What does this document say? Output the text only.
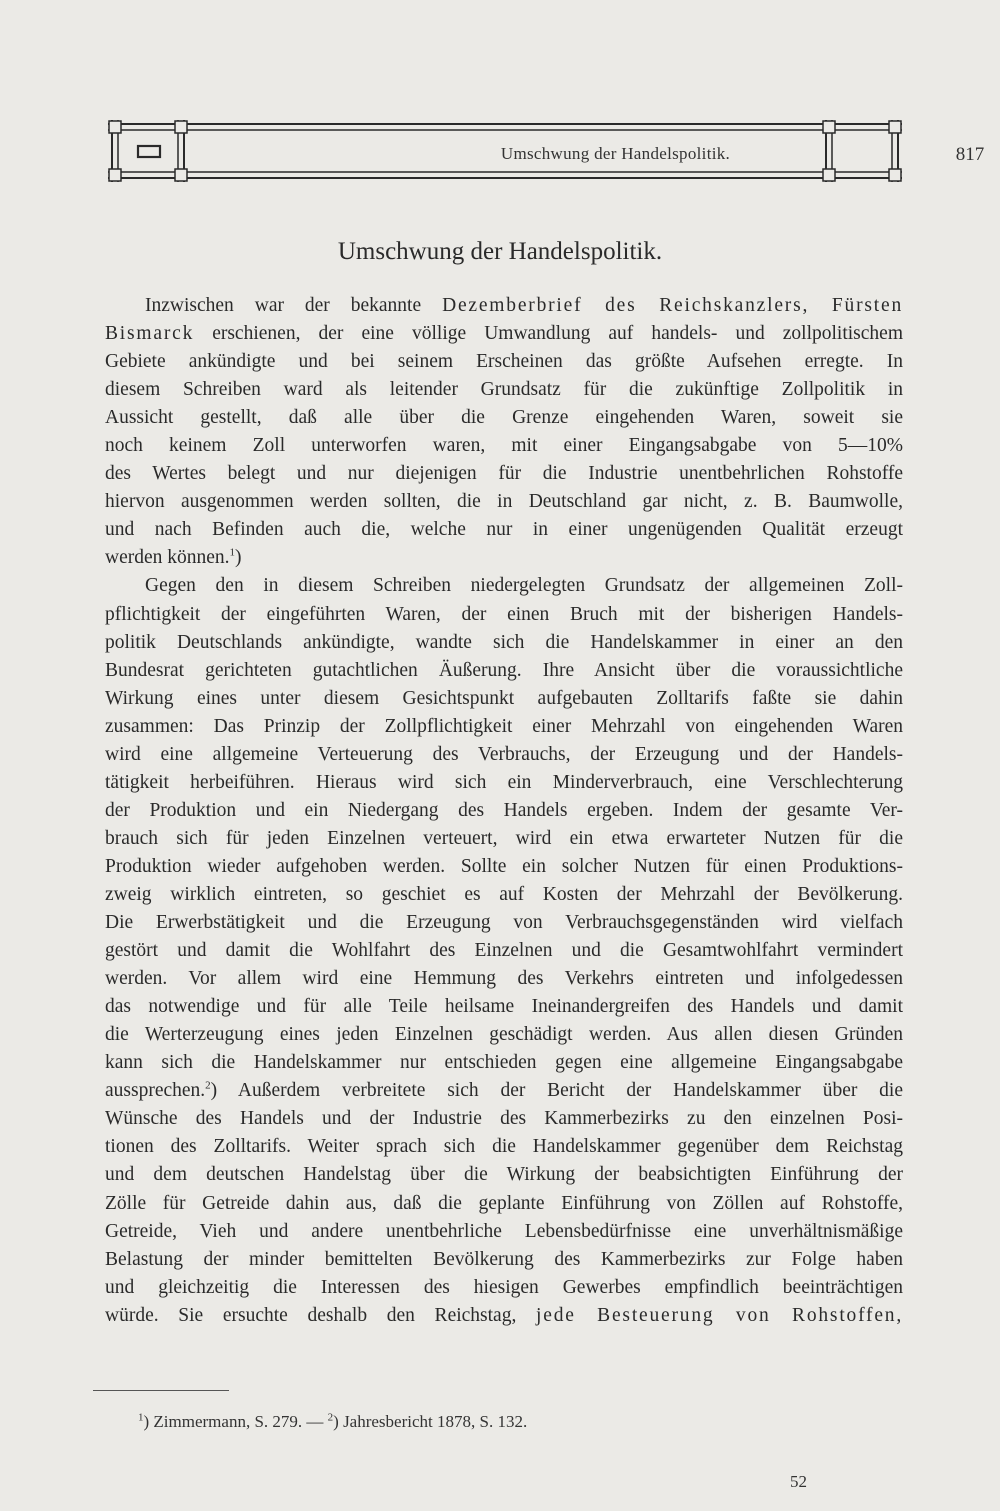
Umschwung der Handelspolitik.	817
Umschwung der Handelspolitik.
Inzwischen war der bekannte Dezemberbrief des Reichskanzlers, Fürsten
Bismarck erschienen, der eine völlige Umwandlung auf handels- und zollpolitischem
Gebiete ankündigte und bei seinem Erscheinen das größte Aufsehen erregte. In
diesem Schreiben ward als leitender Grundsatz für die zukünftige Zollpolitik in
Aussicht gestellt, daß alle über die Grenze eingehenden Waren, soweit sie
noch keinem Zoll unterworfen waren, mit einer Eingangsabgabe von 5—10%
des Wertes belegt und nur diejenigen für die Industrie unentbehrlichen Rohstoffe
hiervon ausgenommen werden sollten, die in Deutschland gar nicht, z. B. Baumwolle,
und nach Befinden auch die, welche nur in einer ungenügenden Qualität erzeugt
werden können.$^1$)
Gegen den in diesem Schreiben niedergelegten Grundsatz der allgemeinen Zoll-
pflichtigkeit der eingeführten Waren, der einen Bruch mit der bisherigen Handels-
politik Deutschlands ankündigte, wandte sich die Handelskammer in einer an den
Bundesrat gerichteten gutachtlichen Äußerung. Ihre Ansicht über die voraussichtliche
Wirkung eines unter diesem Gesichtspunkt aufgebauten Zolltarifs faßte sie dahin
zusammen: Das Prinzip der Zollpflichtigkeit einer Mehrzahl von eingehenden Waren
wird eine allgemeine Verteuerung des Verbrauchs, der Erzeugung und der Handels-
tätigkeit herbeiführen. Hieraus wird sich ein Minderverbrauch, eine Verschlechterung
der Produktion und ein Niedergang des Handels ergeben. Indem der gesamte Ver-
brauch sich für jeden Einzelnen verteuert, wird ein etwa erwarteter Nutzen für die
Produktion wieder aufgehoben werden. Sollte ein solcher Nutzen für einen Produktions-
zweig wirklich eintreten, so geschiet es auf Kosten der Mehrzahl der Bevölkerung.
Die Erwerbstätigkeit und die Erzeugung von Verbrauchsgegenständen wird vielfach
gestört und damit die Wohlfahrt des Einzelnen und die Gesamtwohlfahrt vermindert
werden. Vor allem wird eine Hemmung des Verkehrs eintreten und infolgedessen
das notwendige und für alle Teile heilsame Ineinandergreifen des Handels und damit
die Werterzeugung eines jeden Einzelnen geschädigt werden. Aus allen diesen Gründen
kann sich die Handelskammer nur entschieden gegen eine allgemeine Eingangsabgabe
aussprechen.$^2$) Außerdem verbreitete sich der Bericht der Handelskammer über die
Wünsche des Handels und der Industrie des Kammerbezirks zu den einzelnen Posi-
tionen des Zolltarifs. Weiter sprach sich die Handelskammer gegenüber dem Reichstag
und dem deutschen Handelstag über die Wirkung der beabsichtigten Einführung der
Zölle für Getreide dahin aus, daß die geplante Einführung von Zöllen auf Rohstoffe,
Getreide, Vieh und andere unentbehrliche Lebensbedürfnisse eine unverhältnismäßige
Belastung der minder bemittelten Bevölkerung des Kammerbezirks zur Folge haben
und gleichzeitig die Interessen des hiesigen Gewerbes empfindlich beeinträchtigen
würde. Sie ersuchte deshalb den Reichstag, jede Besteuerung von Rohstoffen,
$^1$) Zimmermann, S. 279. — $^2$) Jahresbericht 1878, S. 132.
52
